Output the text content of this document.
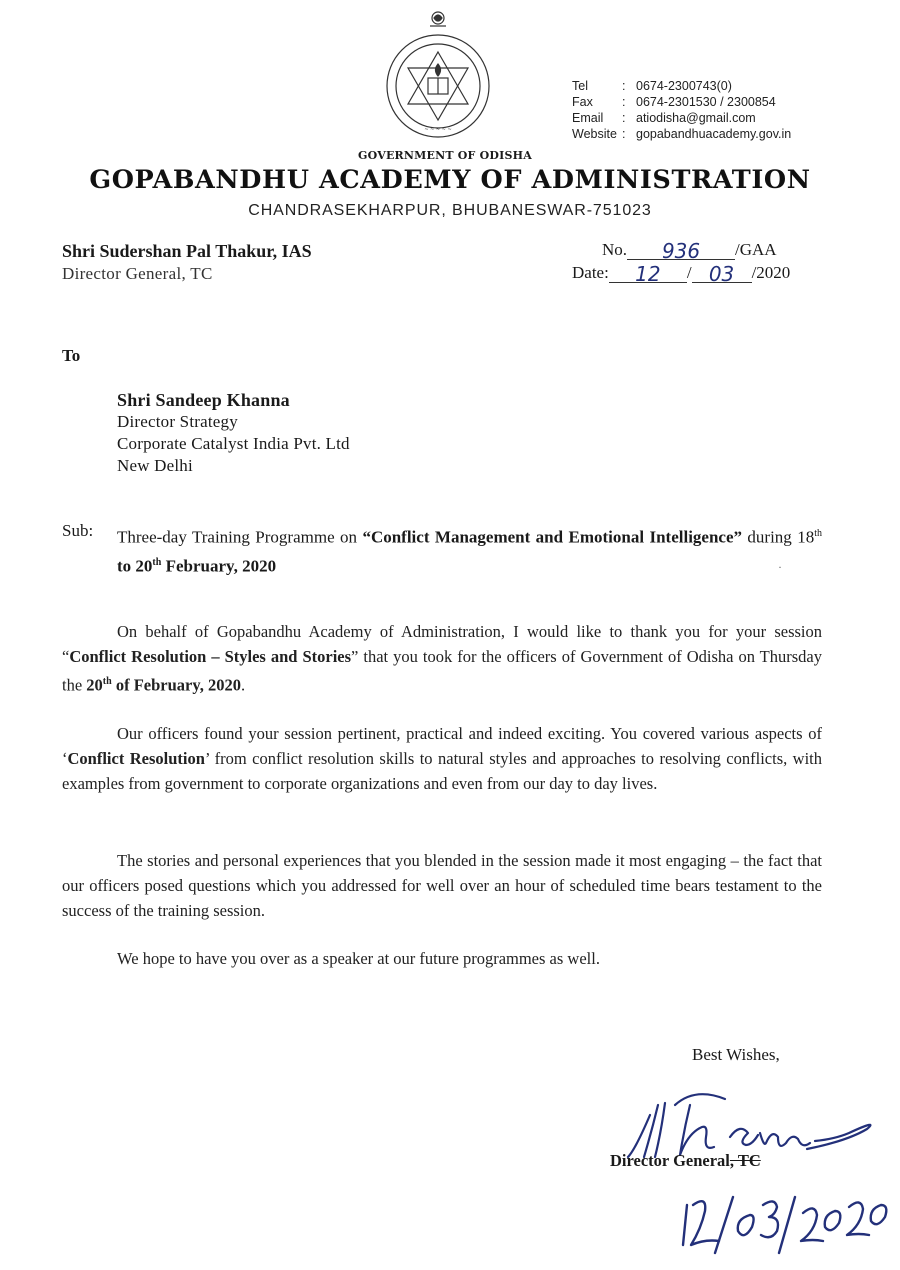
~ ~ ~ ~ ~
GOVERNMENT OF ODISHA
GOPABANDHU ACADEMY OF ADMINISTRATION
CHANDRASEKHARPUR, BHUBANESWAR-751023
Tel	: 0674-2300743(0)
Fax	: 0674-2301530 / 2300854
Email	: atiodisha@gmail.com
Website : gopabandhuacademy.gov.in
Shri Sudershan Pal Thakur, IAS
Director General, TC
No. 936 /GAA
Date: 12 / 03 /2020
To
Shri Sandeep Khanna
Director Strategy
Corporate Catalyst India Pvt. Ltd
New Delhi
Sub: Three-day Training Programme on “Conflict Management and Emotional Intelligence” during 18th to 20th February, 2020	·
On behalf of Gopabandhu Academy of Administration, I would like to thank you for your session “Conflict Resolution – Styles and Stories” that you took for the officers of Government of Odisha on Thursday the 20th of February, 2020.
Our officers found your session pertinent, practical and indeed exciting. You covered various aspects of ‘Conflict Resolution’ from conflict resolution skills to natural styles and approaches to resolving conflicts, with examples from government to corporate organizations and even from our day to day lives.
The stories and personal experiences that you blended in the session made it most engaging – the fact that our officers posed questions which you addressed for well over an hour of scheduled time bears testament to the success of the training session.
We hope to have you over as a speaker at our future programmes as well.
Best Wishes,
Director General, TC
